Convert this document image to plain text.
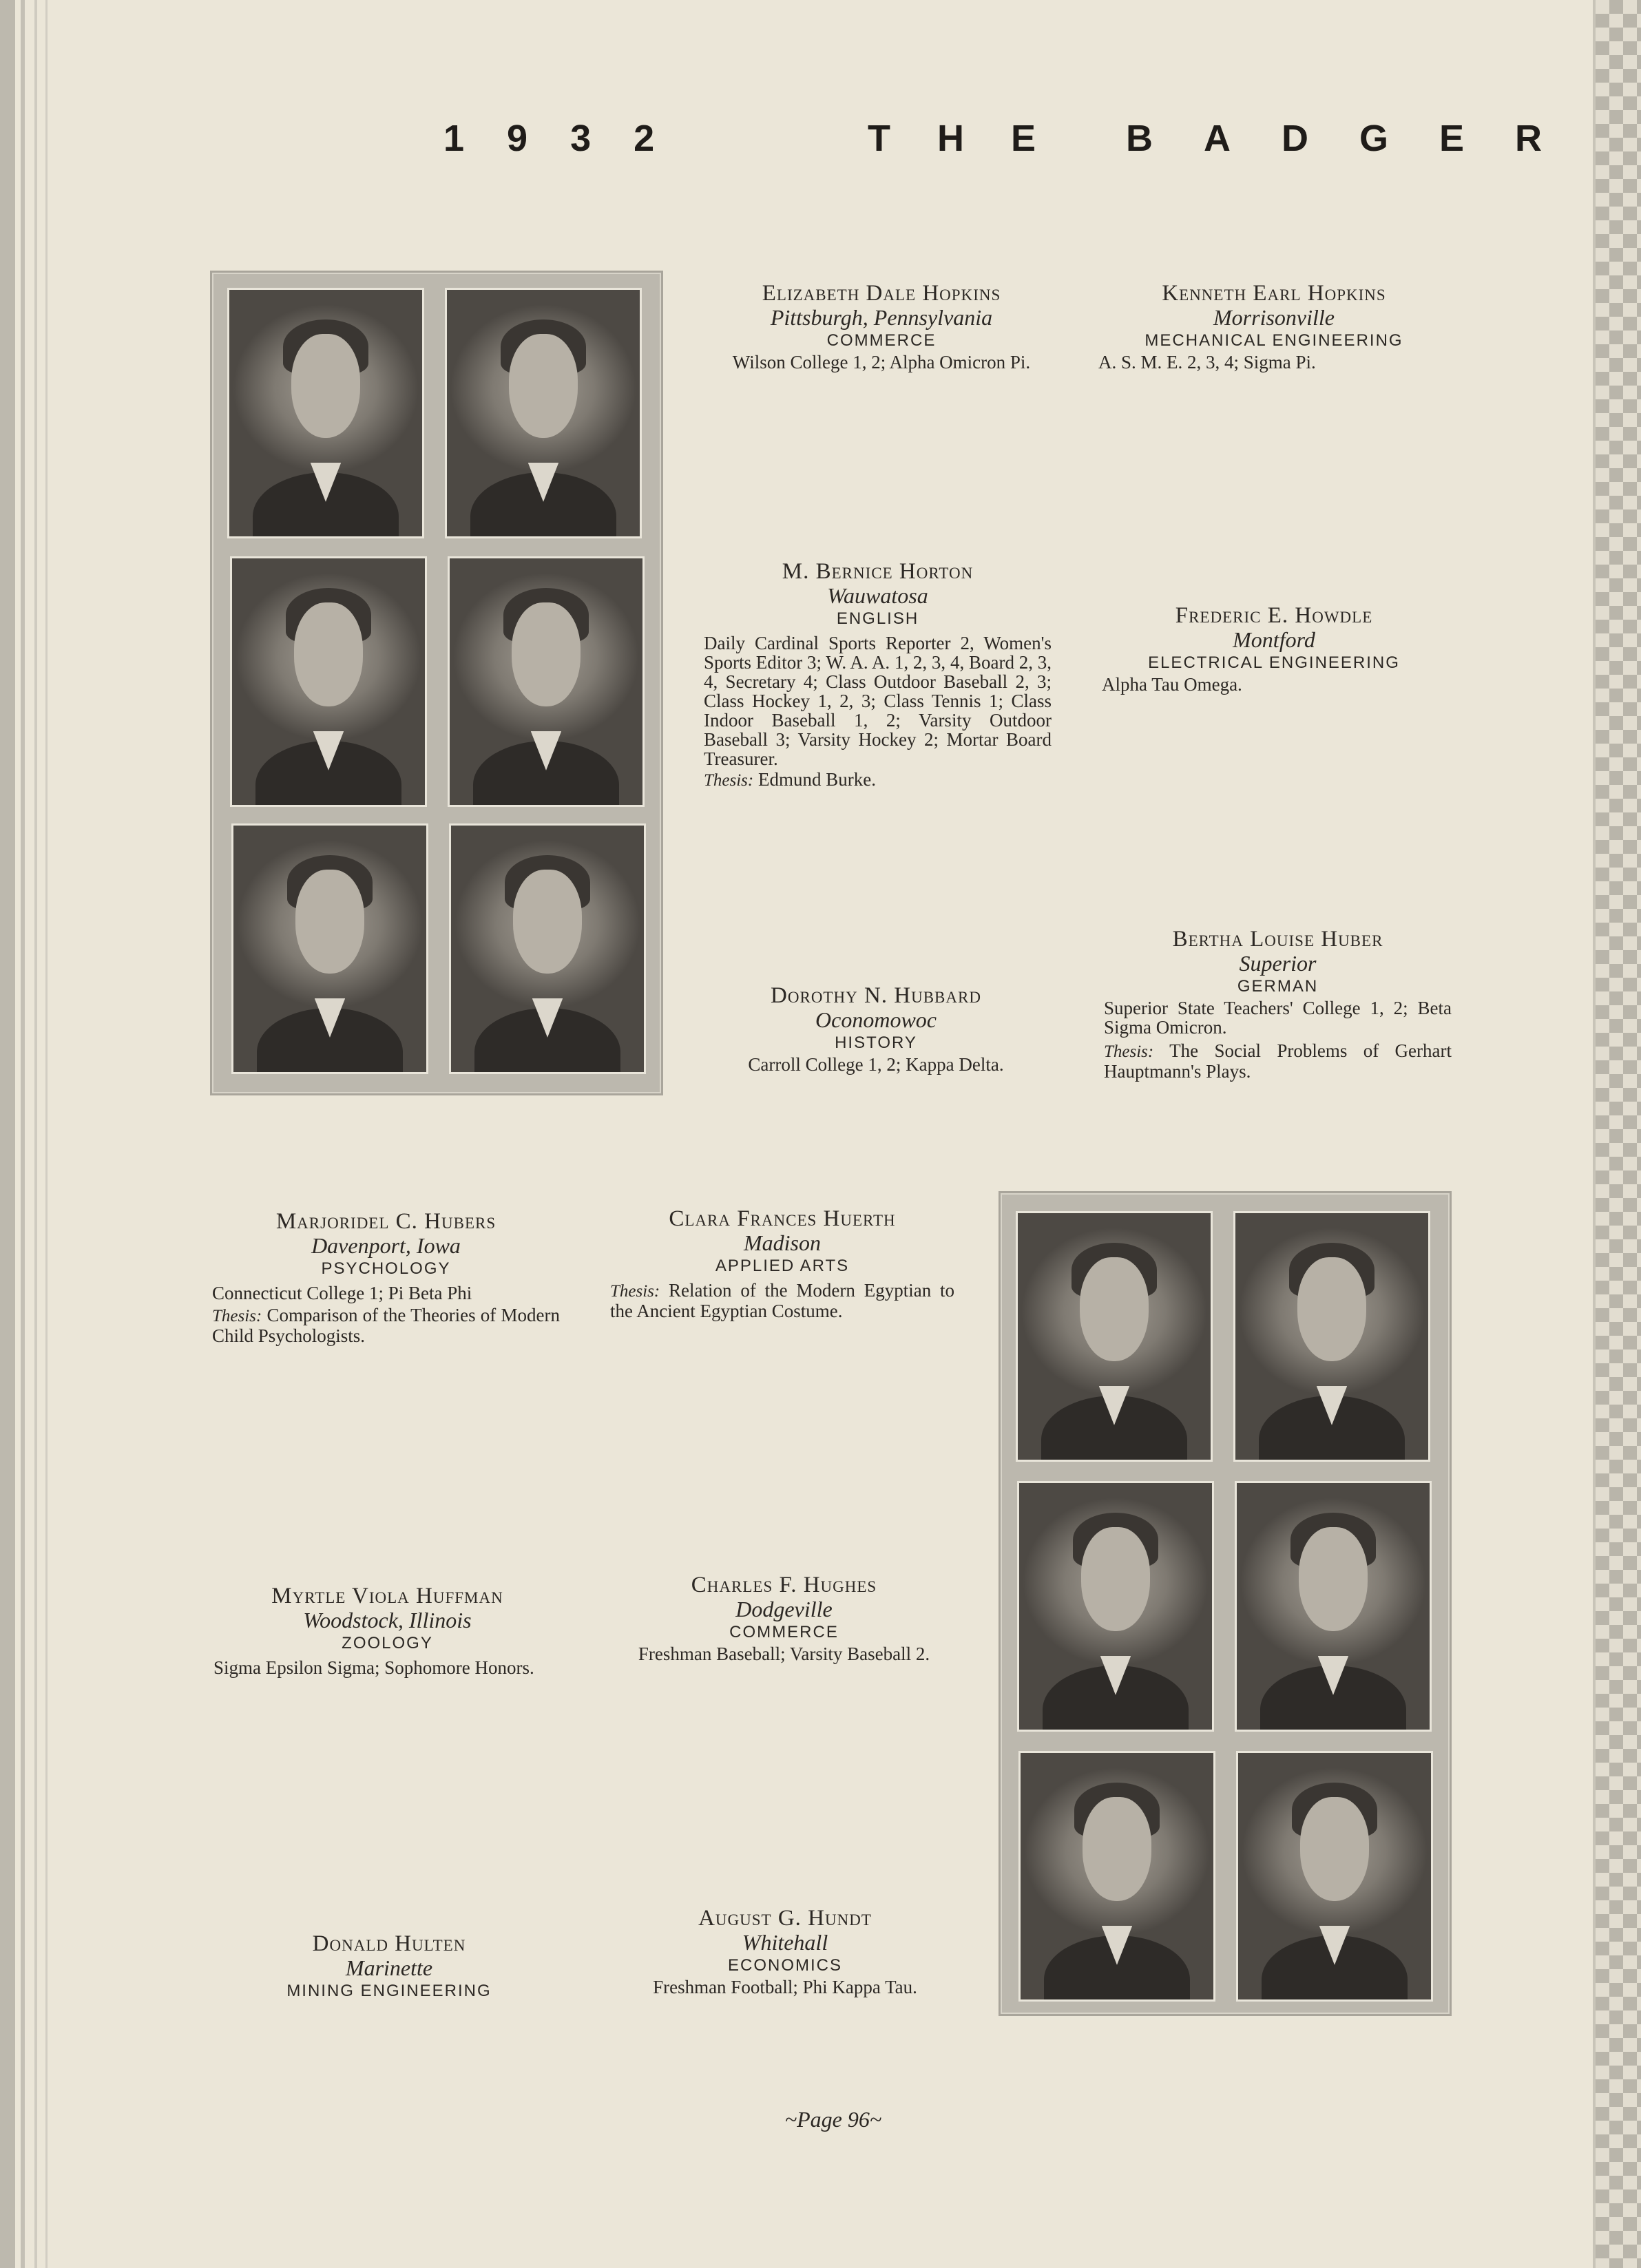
1932	THE BADGER
Elizabeth Dale Hopkins
Pittsburgh, Pennsylvania
COMMERCE
Wilson College 1, 2; Alpha Omicron Pi.
Kenneth Earl Hopkins
Morrisonville
MECHANICAL ENGINEERING
A. S. M. E. 2, 3, 4; Sigma Pi.
M. Bernice Horton
Wauwatosa
ENGLISH
Daily Cardinal Sports Reporter 2, Women's Sports Editor 3; W. A. A. 1, 2, 3, 4, Board 2, 3, 4, Secretary 4; Class Outdoor Baseball 2, 3; Class Hockey 1, 2, 3; Class Tennis 1; Class Indoor Baseball 1, 2; Varsity Outdoor Baseball 3; Varsity Hockey 2; Mortar Board Treasurer.
Thesis: Edmund Burke.
Frederic E. Howdle
Montford
ELECTRICAL ENGINEERING
Alpha Tau Omega.
Dorothy N. Hubbard
Oconomowoc
HISTORY
Carroll College 1, 2; Kappa Delta.
Bertha Louise Huber
Superior
GERMAN
Superior State Teachers' College 1, 2; Beta Sigma Omicron.
Thesis: The Social Problems of Gerhart Hauptmann's Plays.
Marjoridel C. Hubers
Davenport, Iowa
PSYCHOLOGY
Connecticut College 1; Pi Beta Phi
Thesis: Comparison of the Theories of Modern Child Psychologists.
Clara Frances Huerth
Madison
APPLIED ARTS
Thesis: Relation of the Modern Egyptian to the Ancient Egyptian Costume.
Myrtle Viola Huffman
Woodstock, Illinois
ZOOLOGY
Sigma Epsilon Sigma; Sophomore Honors.
Charles F. Hughes
Dodgeville
COMMERCE
Freshman Baseball; Varsity Baseball 2.
Donald Hulten
Marinette
MINING ENGINEERING
August G. Hundt
Whitehall
ECONOMICS
Freshman Football; Phi Kappa Tau.
~Page 96~
